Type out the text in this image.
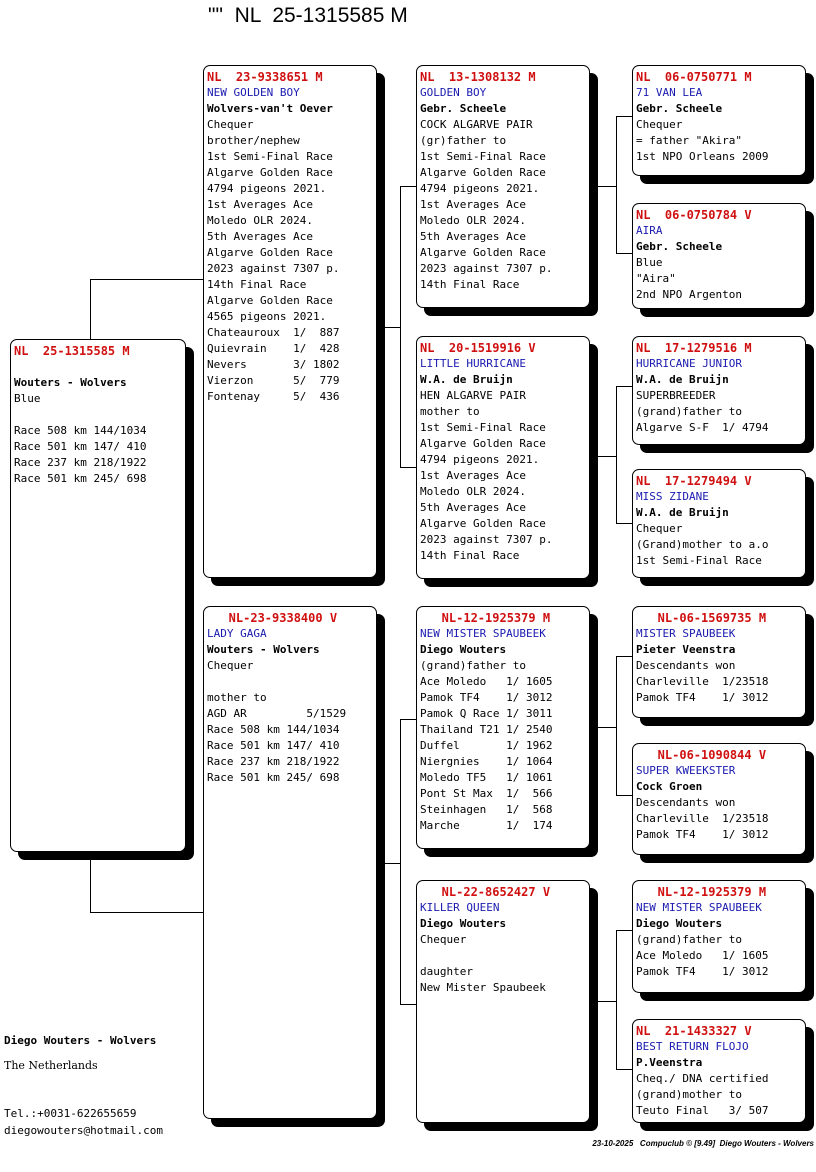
""  NL  25-1315585 M
NL  25-1315585 M
Wouters - Wolvers
Blue
Race 508 km 144/1034
Race 501 km 147/ 410
Race 237 km 218/1922
Race 501 km 245/ 698
NL  23-9338651 M
NEW GOLDEN BOY
Wolvers-van't Oever
Chequer
brother/nephew
1st Semi-Final Race
Algarve Golden Race
4794 pigeons 2021.
1st Averages Ace
Moledo OLR 2024.
5th Averages Ace
Algarve Golden Race
2023 against 7307 p.
14th Final Race
Algarve Golden Race
4565 pigeons 2021.
Chateauroux  1/  887
Quievrain    1/  428
Nevers       3/ 1802
Vierzon      5/  779
Fontenay     5/  436
NL-23-9338400 V
LADY GAGA
Wouters - Wolvers
Chequer
mother to
AGD AR         5/1529
Race 508 km 144/1034
Race 501 km 147/ 410
Race 237 km 218/1922
Race 501 km 245/ 698
NL  13-1308132 M
GOLDEN BOY
Gebr. Scheele
COCK ALGARVE PAIR
(gr)father to
1st Semi-Final Race
Algarve Golden Race
4794 pigeons 2021.
1st Averages Ace
Moledo OLR 2024.
5th Averages Ace
Algarve Golden Race
2023 against 7307 p.
14th Final Race
NL  20-1519916 V
LITTLE HURRICANE
W.A. de Bruijn
HEN ALGARVE PAIR
mother to
1st Semi-Final Race
Algarve Golden Race
4794 pigeons 2021.
1st Averages Ace
Moledo OLR 2024.
5th Averages Ace
Algarve Golden Race
2023 against 7307 p.
14th Final Race
NL-12-1925379 M
NEW MISTER SPAUBEEK
Diego Wouters
(grand)father to
Ace Moledo   1/ 1605
Pamok TF4    1/ 3012
Pamok Q Race 1/ 3011
Thailand T21 1/ 2540
Duffel       1/ 1962
Niergnies    1/ 1064
Moledo TF5   1/ 1061
Pont St Max  1/  566
Steinhagen   1/  568
Marche       1/  174
NL-22-8652427 V
KILLER QUEEN
Diego Wouters
Chequer
daughter
New Mister Spaubeek
NL  06-0750771 M
71 VAN LEA
Gebr. Scheele
Chequer
= father "Akira"
1st NPO Orleans 2009
NL  06-0750784 V
AIRA
Gebr. Scheele
Blue
"Aira"
2nd NPO Argenton
NL  17-1279516 M
HURRICANE JUNIOR
W.A. de Bruijn
SUPERBREEDER
(grand)father to
Algarve S-F  1/ 4794
NL  17-1279494 V
MISS ZIDANE
W.A. de Bruijn
Chequer
(Grand)mother to a.o
1st Semi-Final Race
NL-06-1569735 M
MISTER SPAUBEEK
Pieter Veenstra
Descendants won
Charleville  1/23518
Pamok TF4    1/ 3012
NL-06-1090844 V
SUPER KWEEKSTER
Cock Groen
Descendants won
Charleville  1/23518
Pamok TF4    1/ 3012
NL-12-1925379 M
NEW MISTER SPAUBEEK
Diego Wouters
(grand)father to
Ace Moledo   1/ 1605
Pamok TF4    1/ 3012
NL  21-1433327 V
BEST RETURN FLOJO
P.Veenstra
Cheq./ DNA certified
(grand)mother to
Teuto Final   3/ 507
Diego Wouters - Wolvers
The Netherlands
Tel.:+0031-622655659
diegowouters@hotmail.com
23-10-2025   Compuclub © [9.49]  Diego Wouters - Wolvers
